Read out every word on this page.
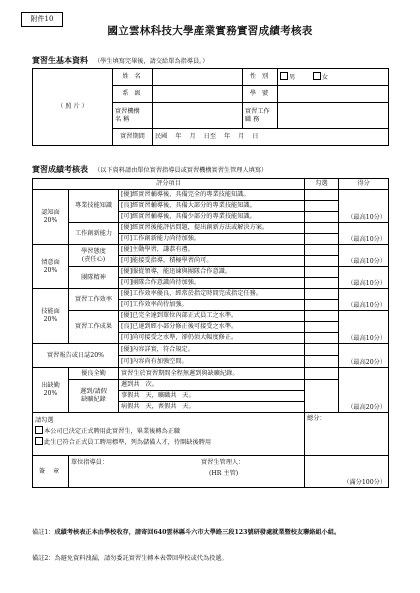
附件10
國立雲林科技大學產業實務實習成績考核表
實習生基本資料 （學生填寫完畢後，請交給單為指導員。）
（ 照 片 ）	姓 名		性 別	男 女
	系 級		學 號	
	實習機構
名 稱		實習工作
職 務	
	實習期間	民國 年 月 日至 年 月 日		
實習成績考核表 （以下資料請由單位實習指導員或實習機構實習生管理人填寫）
評分項目			勾選	得分
認知面
20%	專業技能知識	[優]經實習輔導後，具備完全的專業技能知識。		（最高10分）
		[良]經實習輔導後，具備大部分的專業技能知識。		
		[可]經實習輔導後，具備少部分的專業技能知識。		
	工作創新能力	[優]經實習後能評估問題，提出創新方法或解決方案。		（最高10分）
		[可]工作創新能力尚待加強。		
情意面
20%	學習態度
(責任心)	[優]主動學習，謙恭有禮。		（最高10分）
		[可]能接受指導，積極學習尚可。		
	團隊精神	[優]服從領導，能迅谏與團隊合作意識。		（最高10分）
		[可]團隊合作意識尚待加強。		
技能面
20%	實習工作效率	[優]工作效率優良，經常於指定時間完成指定任務。		（最高10分）
		[可]工作效率尚待加強。		
	實習工作成果	[優]已完全達到單位內部正式員工之水準。		（最高10分）
		[良]已達到經小部分修正後可接受之水準。		
		[可]尚可接受之水準，卻仍須大幅度修正。		
實習報告或日誌20%		[優]內容詳實，符合規定。		（最高20分）
		[可]內容尚有加強空間。		
出缺勤
20%	優良全勤	實習生於實習期間全程無遲到與缺曠紀錄。		（最高20分）
	遲到/請假
缺曠紀錄	遲到共 次。		
		事假共 天，曠職共 天。		
		病假共 天，喪假共 天。		

請勾選
本公司已決定正式聘用此實習生，畢業後轉為正職
此生已符合正式員工聘用標準，列為儲備人才，待開缺後聘用			總分：	
簽 章	單位指導員： 實習生管理人：
(HR 主管)		（滿分100分）	
備註1：成績考核表正本由學校收存，請寄回640雲林縣斗六市大學路三段123號研發處就業暨校友聯絡組小組。
備註2：為避免資料洩漏，請勿委託實習生轉本表帶回學校或代為投遞。
